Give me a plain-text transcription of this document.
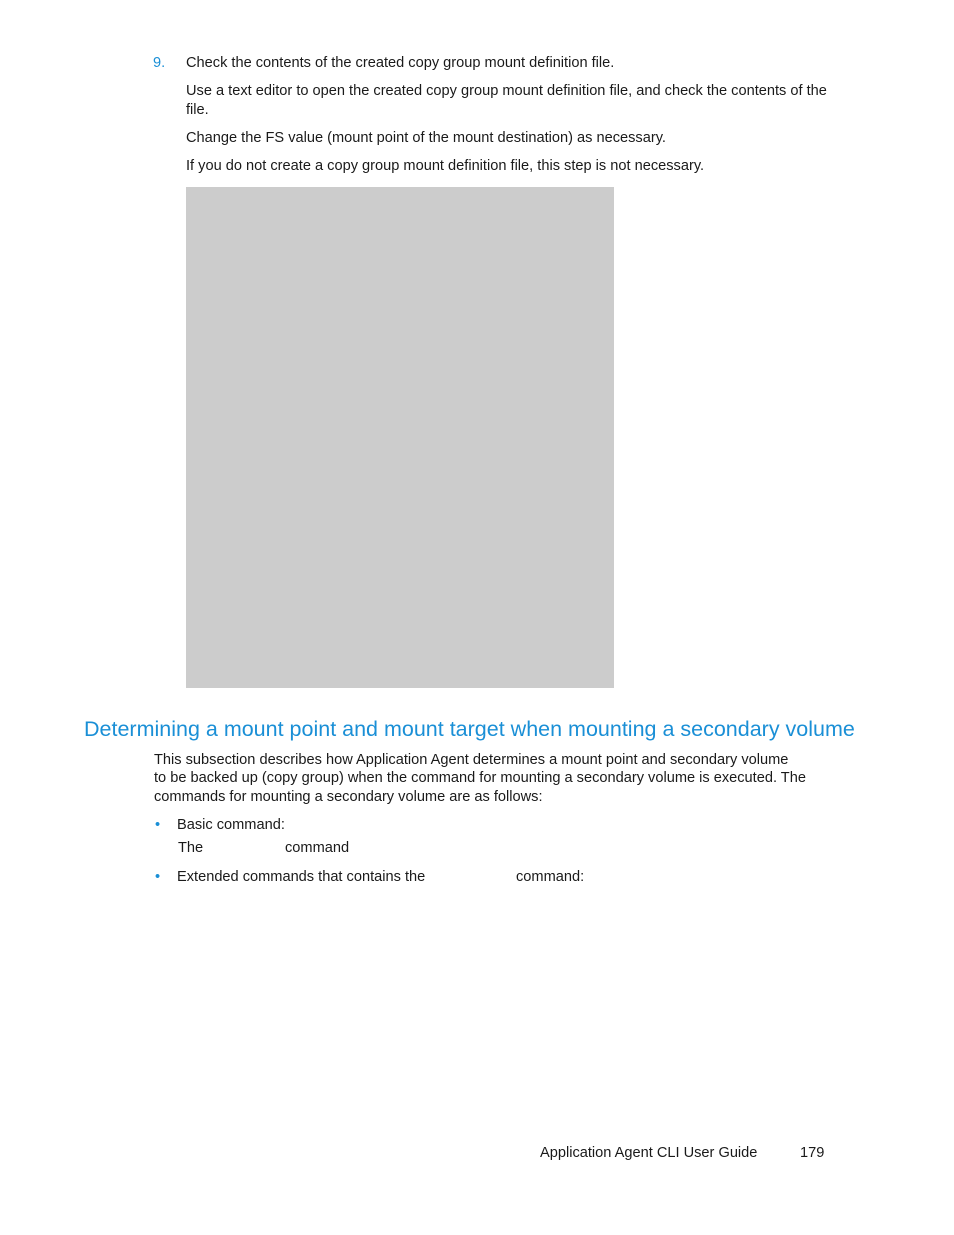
9. Check the contents of the created copy group mount definition file.
Use a text editor to open the created copy group mount definition file, and check the contents of the file.
Change the FS value (mount point of the mount destination) as necessary.
If you do not create a copy group mount definition file, this step is not necessary.
Determining a mount point and mount target when mounting a secondary volume
This subsection describes how Application Agent determines a mount point and secondary volume
to be backed up (copy group) when the command for mounting a secondary volume is executed. The
commands for mounting a secondary volume are as follows:
• Basic command:
The	command
• Extended commands that contains the	command:
Application Agent CLI User Guide	179
